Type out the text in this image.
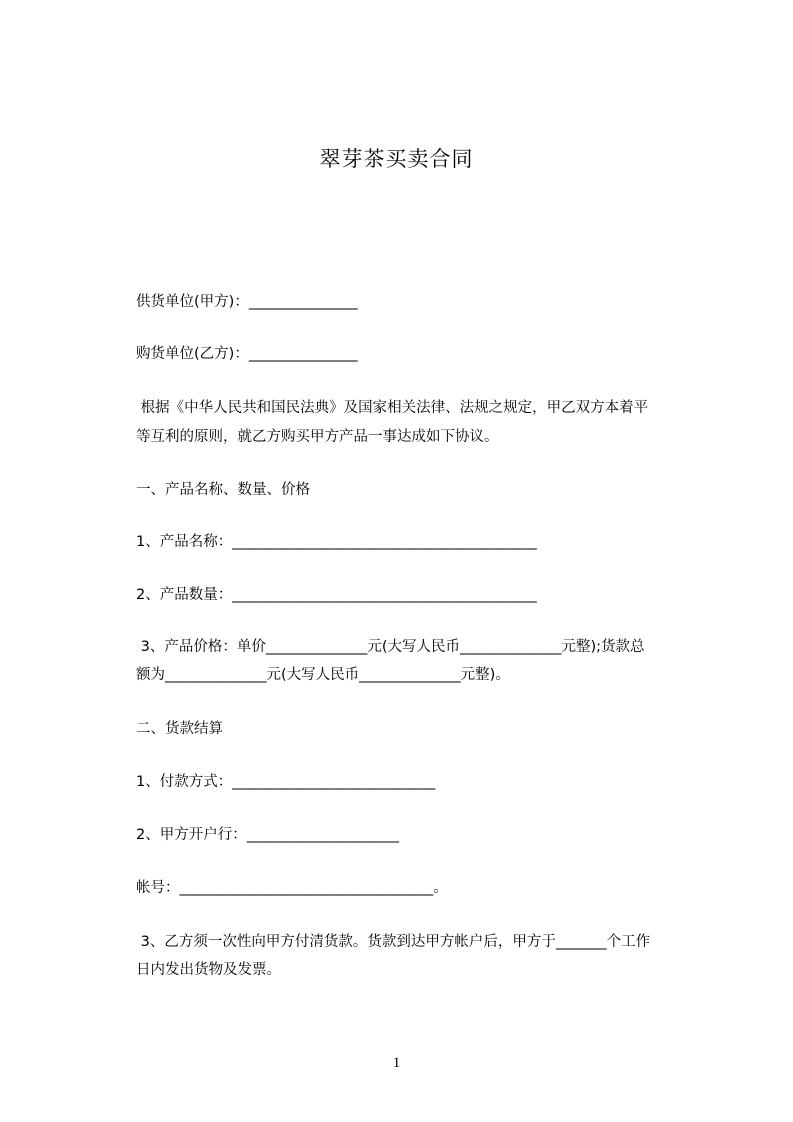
翠芽茶买卖合同
供货单位(甲方)：_______________
购货单位(乙方)：_______________
根据《中华人民共和国民法典》及国家相关法律、法规之规定，甲乙双方本着平
等互利的原则，就乙方购买甲方产品一事达成如下协议。
一、产品名称、数量、价格
1、产品名称：__________________________________________
2、产品数量：__________________________________________
3、产品价格：单价______________元(大写人民币______________元整);货款总
额为______________元(大写人民币______________元整)。
二、货款结算
1、付款方式：____________________________
2、甲方开户行：_____________________
帐号：___________________________________。
3、乙方须一次性向甲方付清货款。货款到达甲方帐户后，甲方于_______个工作
日内发出货物及发票。
1
